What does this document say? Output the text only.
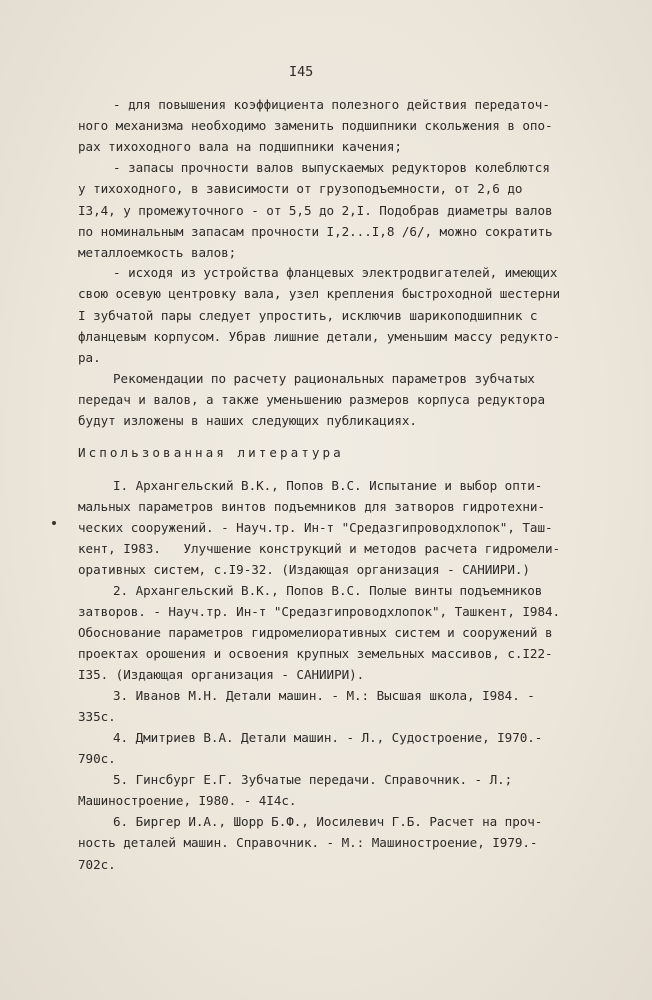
I45

- для повышения коэффициента полезного действия передаточ-

ного механизма необходимо заменить подшипники скольжения в опо-

рах тихоходного вала на подшипники качения;

- запасы прочности валов выпускаемых редукторов колеблются

у тихоходного, в зависимости от грузоподъемности, от 2,6 до

I3,4, у промежуточного - от 5,5 до 2,I. Подобрав диаметры валов

по номинальным запасам прочности I,2...I,8 /6/, можно сократить

металлоемкость валов;

- исходя из устройства фланцевых электродвигателей, имеющих

свою осевую центровку вала, узел крепления быстроходной шестерни

I зубчатой пары следует упростить, исключив шарикоподшипник с

фланцевым корпусом. Убрав лишние детали, уменьшим массу редукто-

ра.

Рекомендации по расчету рациональных параметров зубчатых

передач и валов, а также уменьшению размеров корпуса редуктора

будут изложены в наших следующих публикациях.

Использованная литература

I. Архангельский В.К., Попов В.С. Испытание и выбор опти-

мальных параметров винтов подъемников для затворов гидротехни-

ческих сооружений. - Науч.тр. Ин-т "Средазгипроводхлопок", Таш-

кент, I983.   Улучшение конструкций и методов расчета гидромели-

оративных систем, с.I9-32. (Издающая организация - САНИИРИ.)

2. Архангельский В.К., Попов В.С. Полые винты подъемников

затворов. - Науч.тр. Ин-т "Средазгипроводхлопок", Ташкент, I984.

Обоснование параметров гидромелиоративных систем и сооружений в

проектах орошения и освоения крупных земельных массивов, с.I22-

I35. (Издающая организация - САНИИРИ).

3. Иванов М.Н. Детали машин. - М.: Высшая школа, I984. -

335с.

4. Дмитриев В.А. Детали машин. - Л., Судостроение, I970.-

790с.

5. Гинсбург Е.Г. Зубчатые передачи. Справочник. - Л.;

Машиностроение, I980. - 4I4с.

6. Биргер И.А., Шорр Б.Ф., Иосилевич Г.Б. Расчет на проч-

ность деталей машин. Справочник. - М.: Машиностроение, I979.-

702с.
